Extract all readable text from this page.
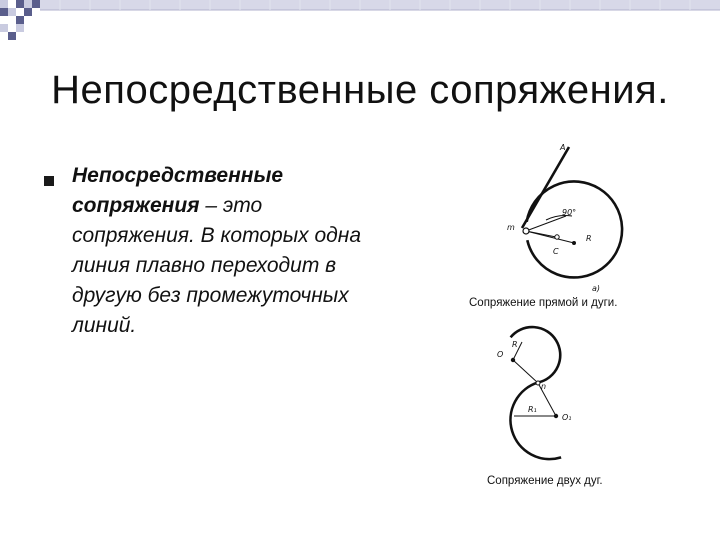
Непосредственные сопряжения.
Непосредственные сопряжения – это сопряжения. В которых одна линия плавно переходит в другую без промежуточных линий.
A
m
90°
R
C
а)
Сопряжение прямой и дуги.
O
R
n
R₁
O₁
Сопряжение двух дуг.
